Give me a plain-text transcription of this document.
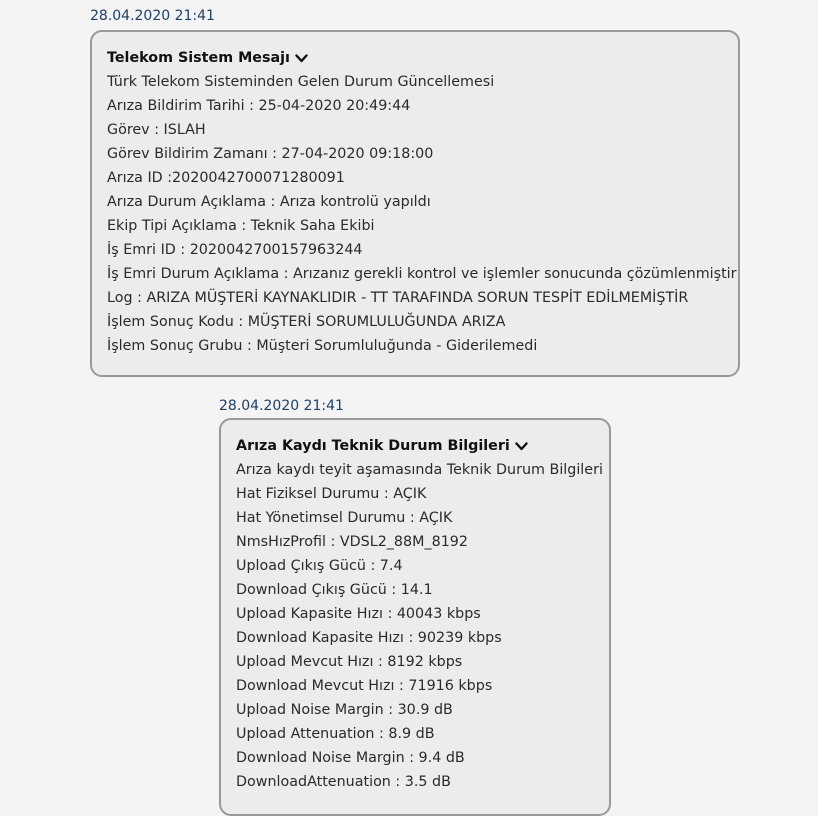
28.04.2020 21:41
Telekom Sistem Mesajı
Türk Telekom Sisteminden Gelen Durum Güncellemesi
Arıza Bildirim Tarihi : 25-04-2020 20:49:44
Görev : ISLAH
Görev Bildirim Zamanı : 27-04-2020 09:18:00
Arıza ID :2020042700071280091
Arıza Durum Açıklama : Arıza kontrolü yapıldı
Ekip Tipi Açıklama : Teknik Saha Ekibi
İş Emri ID : 2020042700157963244
İş Emri Durum Açıklama : Arızanız gerekli kontrol ve işlemler sonucunda çözümlenmiştir
Log : ARIZA MÜŞTERİ KAYNAKLIDIR - TT TARAFINDA SORUN TESPİT EDİLMEMİŞTİR
İşlem Sonuç Kodu : MÜŞTERİ SORUMLULUĞUNDA ARIZA
İşlem Sonuç Grubu : Müşteri Sorumluluğunda - Giderilemedi
28.04.2020 21:41
Arıza Kaydı Teknik Durum Bilgileri
Arıza kaydı teyit aşamasında Teknik Durum Bilgileri
Hat Fiziksel Durumu : AÇIK
Hat Yönetimsel Durumu : AÇIK
NmsHızProfil : VDSL2_88M_8192
Upload Çıkış Gücü : 7.4
Download Çıkış Gücü : 14.1
Upload Kapasite Hızı : 40043 kbps
Download Kapasite Hızı : 90239 kbps
Upload Mevcut Hızı : 8192 kbps
Download Mevcut Hızı : 71916 kbps
Upload Noise Margin : 30.9 dB
Upload Attenuation : 8.9 dB
Download Noise Margin : 9.4 dB
DownloadAttenuation : 3.5 dB
